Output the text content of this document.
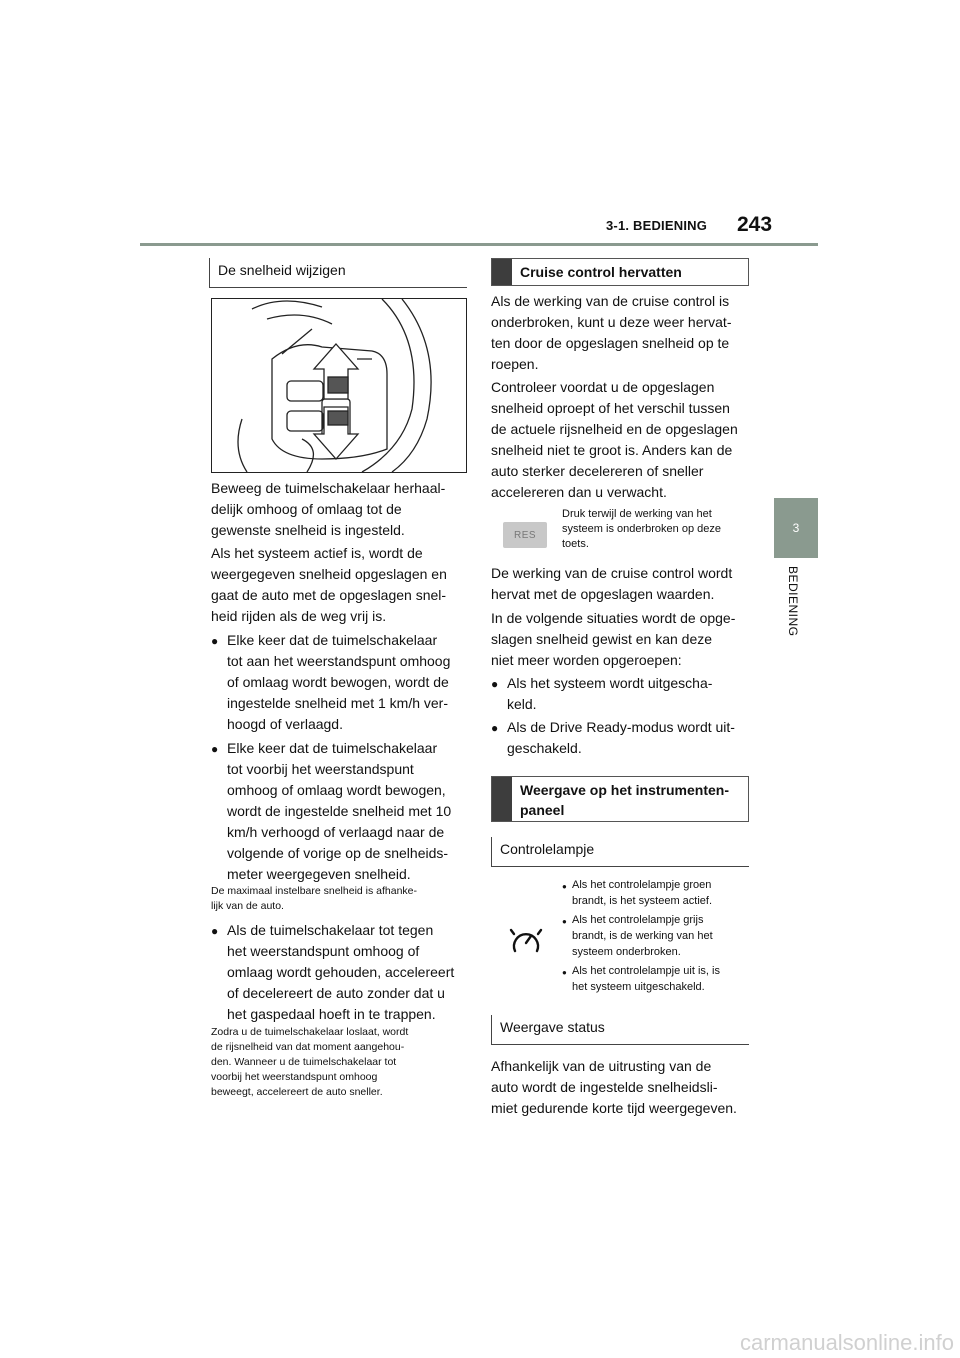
3-1. BEDIENING 243
3
BEDIENING
De snelheid wijzigen
Beweeg de tuimelschakelaar herhaal-
delijk omhoog of omlaag tot de
gewenste snelheid is ingesteld.
Als het systeem actief is, wordt de
weergegeven snelheid opgeslagen en
gaat de auto met de opgeslagen snel-
heid rijden als de weg vrij is.
● Elke keer dat de tuimelschakelaar
tot aan het weerstandspunt omhoog
of omlaag wordt bewogen, wordt de
ingestelde snelheid met 1 km/h ver-
hoogd of verlaagd.
● Elke keer dat de tuimelschakelaar
tot voorbij het weerstandspunt
omhoog of omlaag wordt bewogen,
wordt de ingestelde snelheid met 10
km/h verhoogd of verlaagd naar de
volgende of vorige op de snelheids-
meter weergegeven snelheid.
De maximaal instelbare snelheid is afhanke-
lijk van de auto.
● Als de tuimelschakelaar tot tegen
het weerstandspunt omhoog of
omlaag wordt gehouden, accelereert
of decelereert de auto zonder dat u
het gaspedaal hoeft in te trappen.
Zodra u de tuimelschakelaar loslaat, wordt
de rijsnelheid van dat moment aangehou-
den. Wanneer u de tuimelschakelaar tot
voorbij het weerstandspunt omhoog
beweegt, accelereert de auto sneller.
Cruise control hervatten
Als de werking van de cruise control is
onderbroken, kunt u deze weer hervat-
ten door de opgeslagen snelheid op te
roepen.
Controleer voordat u de opgeslagen
snelheid oproept of het verschil tussen
de actuele rijsnelheid en de opgeslagen
snelheid niet te groot is. Anders kan de
auto sterker decelereren of sneller
accelereren dan u verwacht.
RES
Druk terwijl de werking van het
systeem is onderbroken op deze
toets.
De werking van de cruise control wordt
hervat met de opgeslagen waarden.
In de volgende situaties wordt de opge-
slagen snelheid gewist en kan deze
niet meer worden opgeroepen:
● Als het systeem wordt uitgescha-
keld.
● Als de Drive Ready-modus wordt uit-
geschakeld.
Weergave op het instrumenten-
paneel
Controlelampje
● Als het controlelampje groen
brandt, is het systeem actief.
● Als het controlelampje grijs
brandt, is de werking van het
systeem onderbroken.
● Als het controlelampje uit is, is
het systeem uitgeschakeld.
Weergave status
Afhankelijk van de uitrusting van de
auto wordt de ingestelde snelheidsli-
miet gedurende korte tijd weergegeven.
carmanualsonline.info
